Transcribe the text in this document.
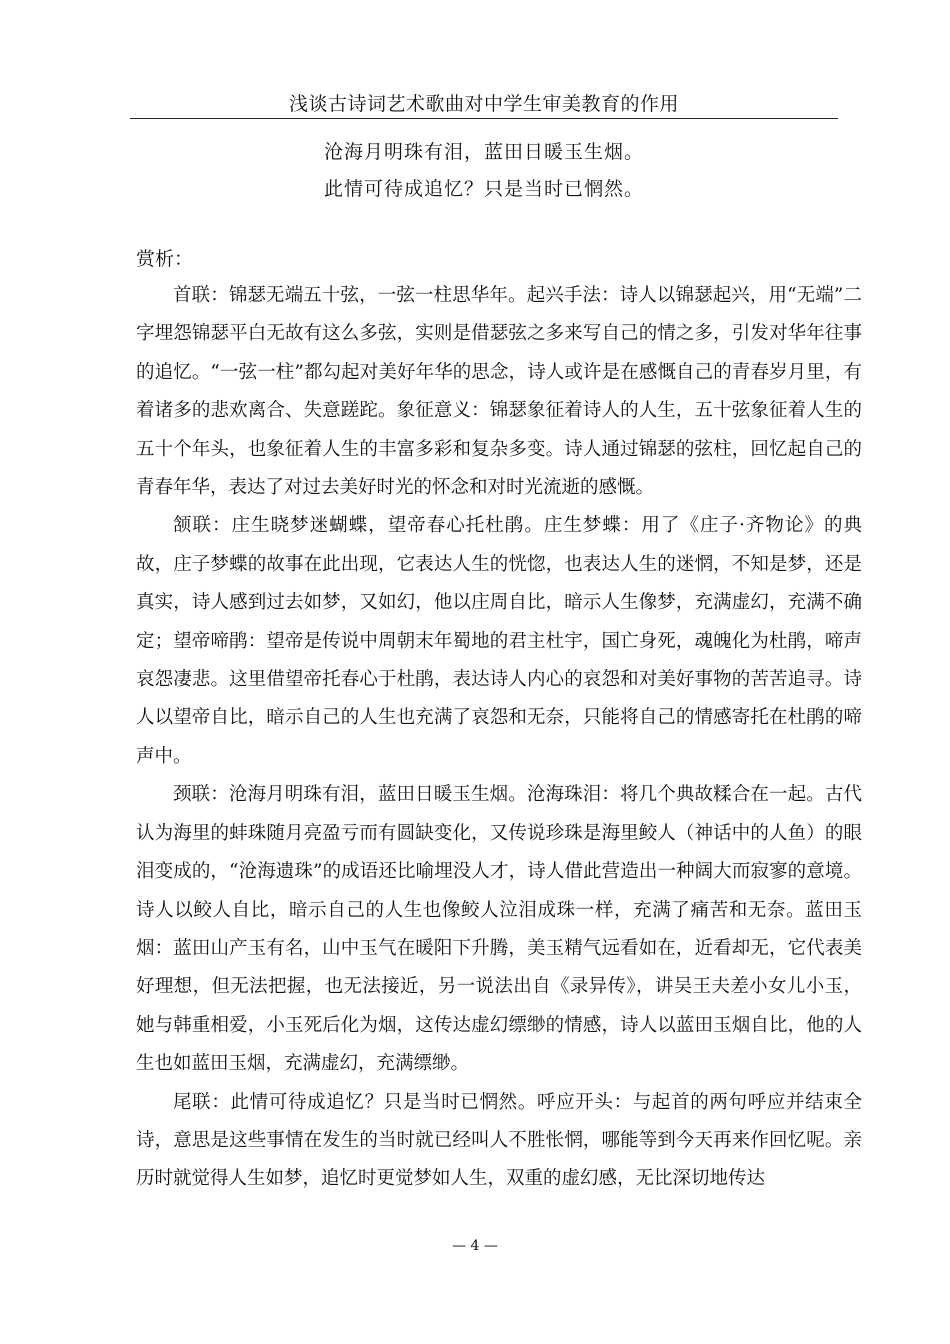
浅谈古诗词艺术歌曲对中学生审美教育的作用
沧海月明珠有泪，蓝田日暖玉生烟。
此情可待成追忆？只是当时已惘然。
赏析：

首联：锦瑟无端五十弦，一弦一柱思华年。起兴手法：诗人以锦瑟起兴，用“无端”二字埋怨锦瑟平白无故有这么多弦，实则是借瑟弦之多来写自己的情之多，引发对华年往事的追忆。“一弦一柱”都勾起对美好年华的思念，诗人或许是在感慨自己的青春岁月里，有着诸多的悲欢离合、失意蹉跎。象征意义：锦瑟象征着诗人的人生，五十弦象征着人生的五十个年头，也象征着人生的丰富多彩和复杂多变。诗人通过锦瑟的弦柱，回忆起自己的青春年华，表达了对过去美好时光的怀念和对时光流逝的感慨。

颔联：庄生晓梦迷蝴蝶，望帝春心托杜鹃。庄生梦蝶：用了《庄子·齐物论》的典故，庄子梦蝶的故事在此出现，它表达人生的恍惚，也表达人生的迷惘，不知是梦，还是真实，诗人感到过去如梦，又如幻，他以庄周自比，暗示人生像梦，充满虚幻，充满不确定；望帝啼鹃：望帝是传说中周朝末年蜀地的君主杜宇，国亡身死，魂魄化为杜鹃，啼声哀怨凄悲。这里借望帝托春心于杜鹃，表达诗人内心的哀怨和对美好事物的苦苦追寻。诗人以望帝自比，暗示自己的人生也充满了哀怨和无奈，只能将自己的情感寄托在杜鹃的啼声中。

颈联：沧海月明珠有泪，蓝田日暖玉生烟。沧海珠泪：将几个典故糅合在一起。古代认为海里的蚌珠随月亮盈亏而有圆缺变化，又传说珍珠是海里鲛人（神话中的人鱼）的眼泪变成的，“沧海遗珠”的成语还比喻埋没人才，诗人借此营造出一种阔大而寂寥的意境。诗人以鲛人自比，暗示自己的人生也像鲛人泣泪成珠一样，充满了痛苦和无奈。蓝田玉烟：蓝田山产玉有名，山中玉气在暖阳下升腾，美玉精气远看如在，近看却无，它代表美好理想，但无法把握，也无法接近，另一说法出自《录异传》，讲吴王夫差小女儿小玉，她与韩重相爱，小玉死后化为烟，这传达虚幻缥缈的情感，诗人以蓝田玉烟自比，他的人生也如蓝田玉烟，充满虚幻，充满缥缈。

尾联：此情可待成追忆？只是当时已惘然。呼应开头：与起首的两句呼应并结束全诗，意思是这些事情在发生的当时就已经叫人不胜怅惘，哪能等到今天再来作回忆呢。亲历时就觉得人生如梦，追忆时更觉梦如人生，双重的虚幻感，无比深切地传达

— 4 —
